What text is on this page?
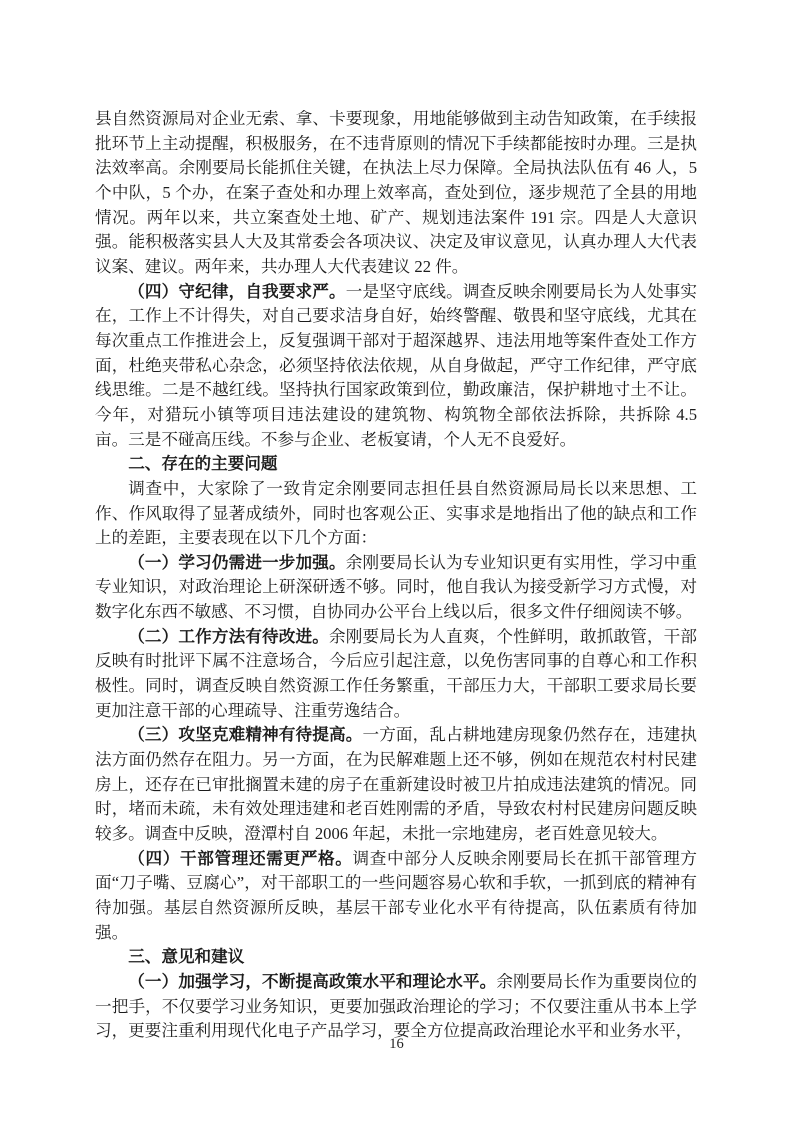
县自然资源局对企业无索、拿、卡要现象，用地能够做到主动告知政策，在手续报批环节上主动提醒，积极服务，在不违背原则的情况下手续都能按时办理。三是执法效率高。余刚要局长能抓住关键，在执法上尽力保障。全局执法队伍有 46 人，5 个中队，5 个办，在案子查处和办理上效率高，查处到位，逐步规范了全县的用地情况。两年以来，共立案查处土地、矿产、规划违法案件 191 宗。四是人大意识强。能积极落实县人大及其常委会各项决议、决定及审议意见，认真办理人大代表议案、建议。两年来，共办理人大代表建议 22 件。

（四）守纪律，自我要求严。一是坚守底线。调查反映余刚要局长为人处事实在，工作上不计得失，对自己要求洁身自好，始终警醒、敬畏和坚守底线，尤其在每次重点工作推进会上，反复强调干部对于超深越界、违法用地等案件查处工作方面，杜绝夹带私心杂念，必须坚持依法依规，从自身做起，严守工作纪律，严守底线思维。二是不越红线。坚持执行国家政策到位，勤政廉洁，保护耕地寸土不让。今年，对猎玩小镇等项目违法建设的建筑物、构筑物全部依法拆除，共拆除 4.5 亩。三是不碰高压线。不参与企业、老板宴请，个人无不良爱好。

二、存在的主要问题

调查中，大家除了一致肯定余刚要同志担任县自然资源局局长以来思想、工作、作风取得了显著成绩外，同时也客观公正、实事求是地指出了他的缺点和工作上的差距，主要表现在以下几个方面：

（一）学习仍需进一步加强。余刚要局长认为专业知识更有实用性，学习中重专业知识，对政治理论上研深研透不够。同时，他自我认为接受新学习方式慢，对数字化东西不敏感、不习惯，自协同办公平台上线以后，很多文件仔细阅读不够。

（二）工作方法有待改进。余刚要局长为人直爽，个性鲜明，敢抓敢管，干部反映有时批评下属不注意场合，今后应引起注意，以免伤害同事的自尊心和工作积极性。同时，调查反映自然资源工作任务繁重，干部压力大，干部职工要求局长要更加注意干部的心理疏导、注重劳逸结合。

（三）攻坚克难精神有待提高。一方面，乱占耕地建房现象仍然存在，违建执法方面仍然存在阻力。另一方面，在为民解难题上还不够，例如在规范农村村民建房上，还存在已审批搁置未建的房子在重新建设时被卫片拍成违法建筑的情况。同时，堵而未疏，未有效处理违建和老百姓刚需的矛盾，导致农村村民建房问题反映较多。调查中反映，澄潭村自 2006 年起，未批一宗地建房，老百姓意见较大。

（四）干部管理还需更严格。调查中部分人反映余刚要局长在抓干部管理方面“刀子嘴、豆腐心”，对干部职工的一些问题容易心软和手软，一抓到底的精神有待加强。基层自然资源所反映，基层干部专业化水平有待提高，队伍素质有待加强。

三、意见和建议

（一）加强学习，不断提高政策水平和理论水平。余刚要局长作为重要岗位的一把手，不仅要学习业务知识，更要加强政治理论的学习；不仅要注重从书本上学习，更要注重利用现代化电子产品学习，要全方位提高政治理论水平和业务水平，

16
